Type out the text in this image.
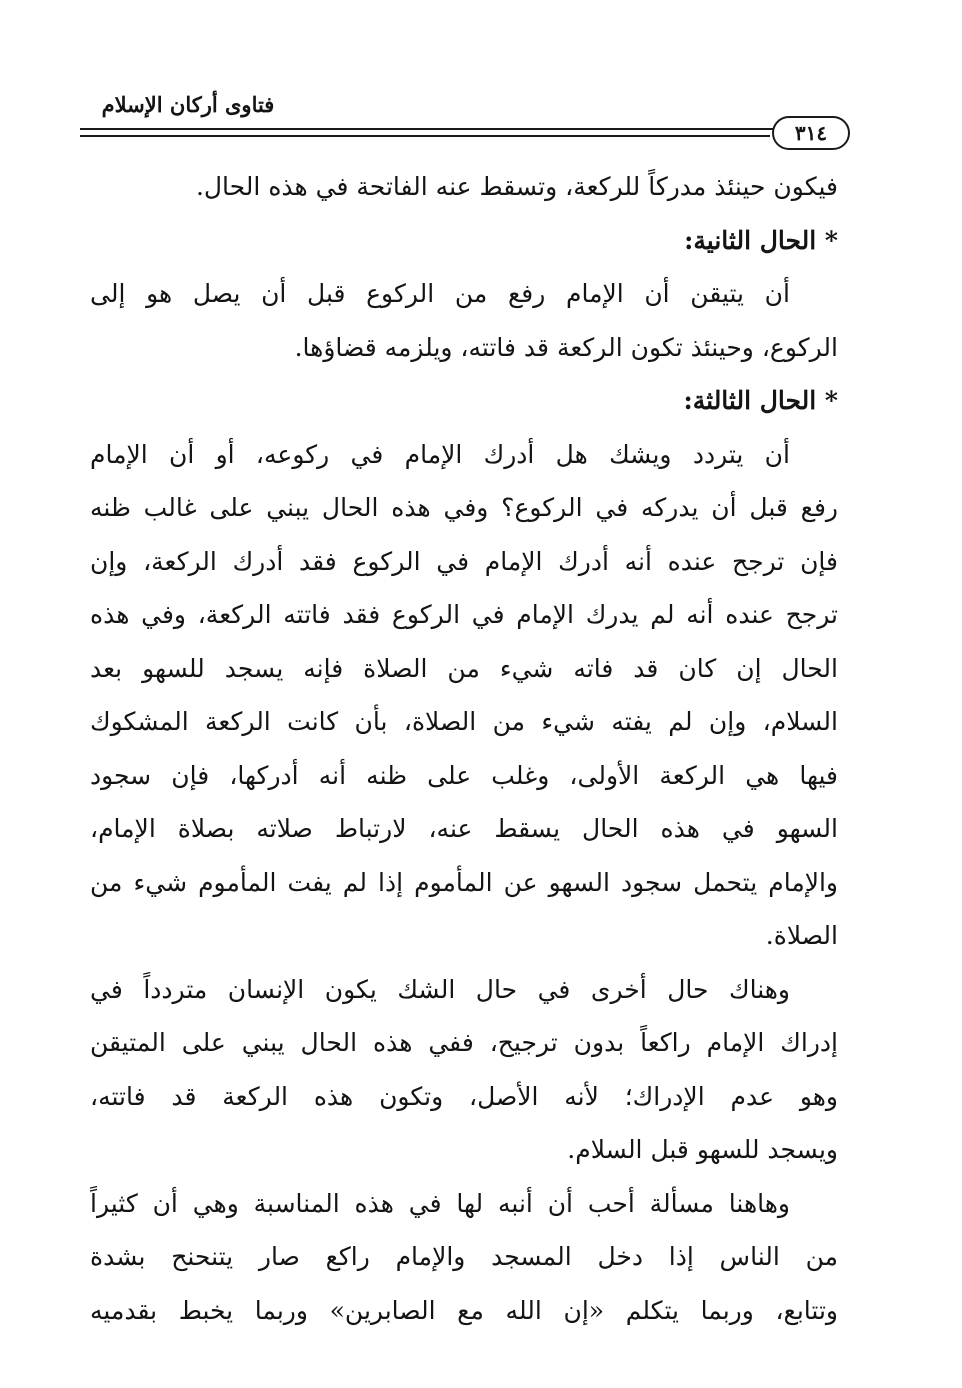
فتاوى أركان الإسلام
٣١٤
فيكون حينئذ مدركاً للركعة، وتسقط عنه الفاتحة في هذه الحال.
* الحال الثانية:
أن يتيقن أن الإمام رفع من الركوع قبل أن يصل هو إلى
الركوع، وحينئذ تكون الركعة قد فاتته، ويلزمه قضاؤها.
* الحال الثالثة:
أن يتردد ويشك هل أدرك الإمام في ركوعه، أو أن الإمام
رفع قبل أن يدركه في الركوع؟ وفي هذه الحال يبني على غالب ظنه
فإن ترجح عنده أنه أدرك الإمام في الركوع فقد أدرك الركعة، وإن
ترجح عنده أنه لم يدرك الإمام في الركوع فقد فاتته الركعة، وفي هذه
الحال إن كان قد فاته شيء من الصلاة فإنه يسجد للسهو بعد
السلام، وإن لم يفته شيء من الصلاة، بأن كانت الركعة المشكوك
فيها هي الركعة الأولى، وغلب على ظنه أنه أدركها، فإن سجود
السهو في هذه الحال يسقط عنه، لارتباط صلاته بصلاة الإمام،
والإمام يتحمل سجود السهو عن المأموم إذا لم يفت المأموم شيء من
الصلاة.
وهناك حال أخرى في حال الشك يكون الإنسان متردداً في
إدراك الإمام راكعاً بدون ترجيح، ففي هذه الحال يبني على المتيقن
وهو عدم الإدراك؛ لأنه الأصل، وتكون هذه الركعة قد فاتته،
ويسجد للسهو قبل السلام.
وهاهنا مسألة أحب أن أنبه لها في هذه المناسبة وهي أن كثيراً
من الناس إذا دخل المسجد والإمام راكع صار يتنحنح بشدة
وتتابع، وربما يتكلم «إن الله مع الصابرين» وربما يخبط بقدميه
